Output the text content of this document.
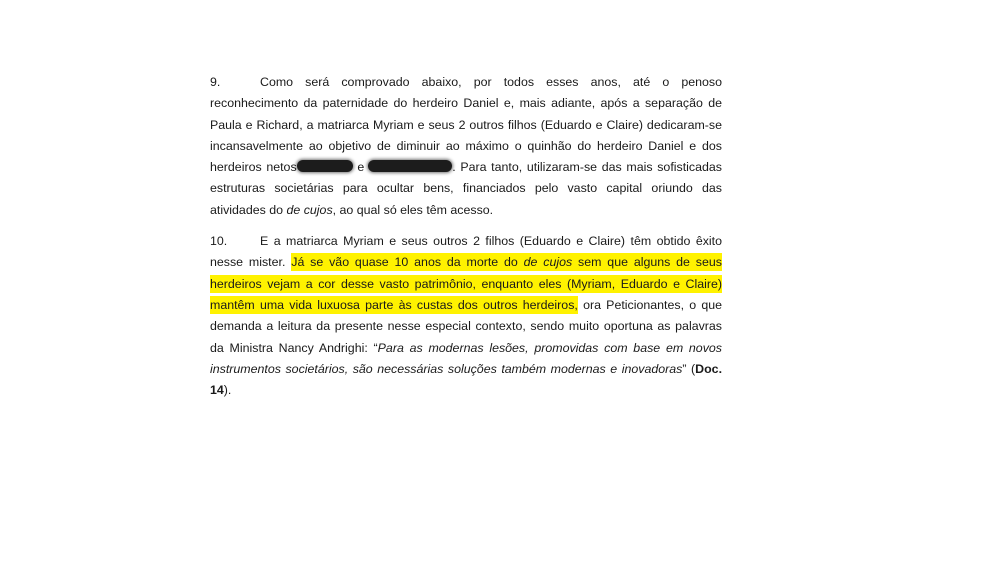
9.	Como será comprovado abaixo, por todos esses anos, até o penoso reconhecimento da paternidade do herdeiro Daniel e, mais adiante, após a separação de Paula e Richard, a matriarca Myriam e seus 2 outros filhos (Eduardo e Claire) dedicaram-se incansavelmente ao objetivo de diminuir ao máximo o quinhão do herdeiro Daniel e dos herdeiros netos	e	. Para tanto, utilizaram-se das mais sofisticadas estruturas societárias para ocultar bens, financiados pelo vasto capital oriundo das atividades do de cujos, ao qual só eles têm acesso.

10.	E a matriarca Myriam e seus outros 2 filhos (Eduardo e Claire) têm obtido êxito nesse mister. Já se vão quase 10 anos da morte do de cujos sem que alguns de seus herdeiros vejam a cor desse vasto patrimônio, enquanto eles (Myriam, Eduardo e Claire) mantêm uma vida luxuosa parte às custas dos outros herdeiros, ora Peticionantes, o que demanda a leitura da presente nesse especial contexto, sendo muito oportuna as palavras da Ministra Nancy Andrighi: “Para as modernas lesões, promovidas com base em novos instrumentos societários, são necessárias soluções também modernas e inovadoras” (Doc. 14).
